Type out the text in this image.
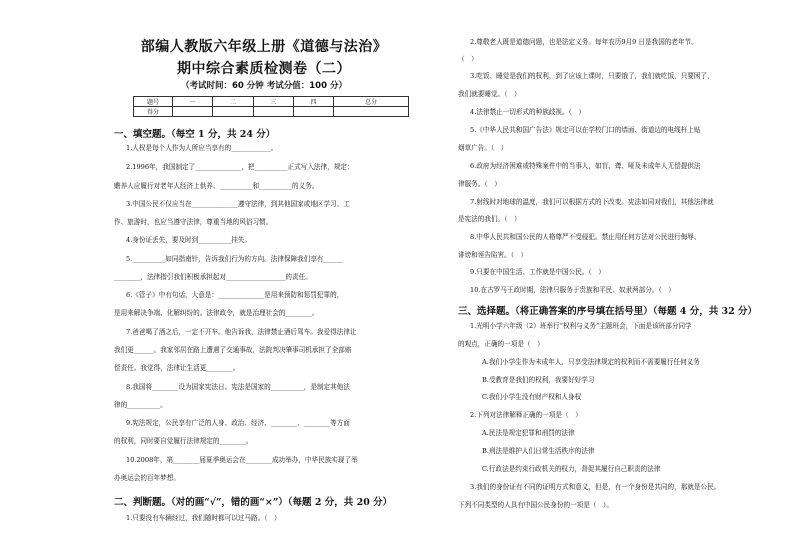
部编人教版六年级上册《道德与法治》
期中综合素质检测卷（二）
（考试时间：60 分钟 考试分值：100 分）
题号	一	二	三	四	总分
得分					
一、填空题。（每空 1 分，共 24 分）
1.人权是每个人作为人所应当享有的____________。
2.1996年，我国制定了______________，把__________正式写入法律，规定：
赡养人应履行对老年人经济上供养、__________和__________的义务。
3.中国公民不仅应当在______________遵守法律，到其他国家或地区学习、工
作、旅游时，也应当遵守法律，尊重当地的风俗习惯。
4.身份证丢失，要及时到__________挂失。
5.__________如同指南针，告诉我们行为的方向。法律保障我们享有______
________，法律指引我们积极承担起对__________________的责任。
6.《管子》中有句话，大意是：______________是用来预防和惩罚犯罪的，
是用来解决争端、化解纠纷的。法律政令，就是治理社会的________。
7.爸爸喝了酒之后，一定不开车。他告诉我，法律禁止酒后驾车。我爱得法律让
我们更______。我家邻居在路上遭遇了交通事故，法院判决肇事司机承担了全部赔
偿责任。我觉得，法律让生活更________。
8.我国将________设为国家宪法日。宪法是国家的__________，是制定其他法
律的__________。
9.宪法规定，公民享有广泛的人身、政治、经济、________、________等方面
的权利，同时要自觉履行法律规定的________。
10.2008年，第________届夏季奥运会在________成功举办，中华民族实现了举
办奥运会的百年梦想。
二、判断题。（对的画“√”，错的画“×”）（每题 2 分，共 20 分）
1.只要没有车辆经过，我们随时都可以过马路。（　）
2.尊敬老人既是道德问题，也是法定义务。每年农历9月9 日是我国的老年节。
（　）
3.吃饭、睡觉是我们的权利，到了应该上课时，只要饿了，我们就吃饭，只要困了，
我们就要睡觉。（　）
4.法律禁止一切形式的种族歧视。（　）
5.《中华人民共和国广告法》规定可以在学校门口的墙面、街道边的电线杆上贴
烟草广告。（　）
6.政府为经济困难或特殊案件中的当事人，如盲、聋、哑及未成年人无偿提供法
律服务。（　）
7.射线时对地球的温度，我们可以根据方式的下改变。宪法如同对我们，其他法律就
是宪法的我们。（　）
8.中华人民共和国公民的人格尊严不受侵犯。禁止用任何方法对公民进行侮辱、
诽谤和诬告陷害。（　）
9.只要在中国生活、工作就是中国公民。（　）
10.在古罗马王政时期，法律只服务于贵族和平民、奴隶两部分。（　）
三、选择题。（将正确答案的序号填在括号里）（每题 4 分，共 32 分）
1.光明小学六年级（2）班举行“权利与义务”主题班会，下面是该班部分同学
的观点，正确的一项是（　）
A.我们小学生作为未成年人，只享受法律规定的权利而不需要履行任何义务
B.受教育是我们的权利，我要好好学习
C.我们小学生没有财产权和人身权
2.下列对法律解释正确的一项是（　）
A.民法是规定犯罪和刑罚的法律
B.刑法是维护人们日常生活秩序的法律
C.行政法是约束行政机关的权力，督促其履行自己职责的法律
3.我们的身份证有不同的证明方式和意义，但是，有一个身份是共同的，那就是公民。
下列不同类型的人具有中国公民身份的一项是（　）。
